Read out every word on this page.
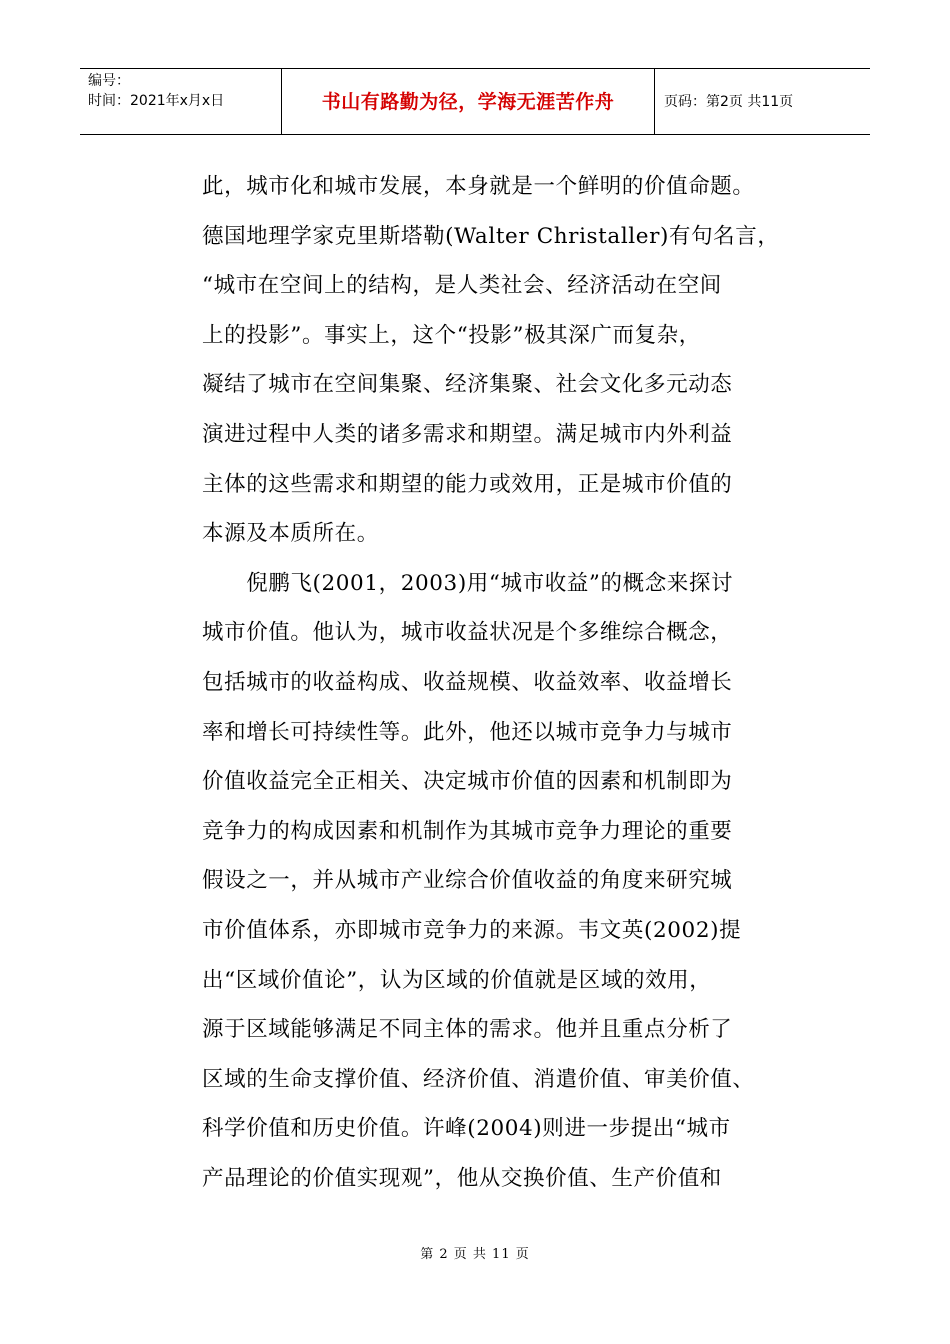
编号：
时间：2021年x月x日	书山有路勤为径，学海无涯苦作舟	页码：第2页 共11页
此，城市化和城市发展，本身就是一个鲜明的价值命题。
德国地理学家克里斯塔勒(Walter Christaller)有句名言，
“城市在空间上的结构，是人类社会、经济活动在空间
上的投影”。事实上，这个“投影”极其深广而复杂，
凝结了城市在空间集聚、经济集聚、社会文化多元动态
演进过程中人类的诸多需求和期望。满足城市内外利益
主体的这些需求和期望的能力或效用，正是城市价值的
本源及本质所在。
　　倪鹏飞(2001，2003)用“城市收益”的概念来探讨
城市价值。他认为，城市收益状况是个多维综合概念，
包括城市的收益构成、收益规模、收益效率、收益增长
率和增长可持续性等。此外，他还以城市竞争力与城市
价值收益完全正相关、决定城市价值的因素和机制即为
竞争力的构成因素和机制作为其城市竞争力理论的重要
假设之一，并从城市产业综合价值收益的角度来研究城
市价值体系，亦即城市竞争力的来源。韦文英(2002)提
出“区域价值论”，认为区域的价值就是区域的效用，
源于区域能够满足不同主体的需求。他并且重点分析了
区域的生命支撑价值、经济价值、消遣价值、审美价值、
科学价值和历史价值。许峰(2004)则进一步提出“城市
产品理论的价值实现观”，他从交换价值、生产价值和
第 2 页 共 11 页
